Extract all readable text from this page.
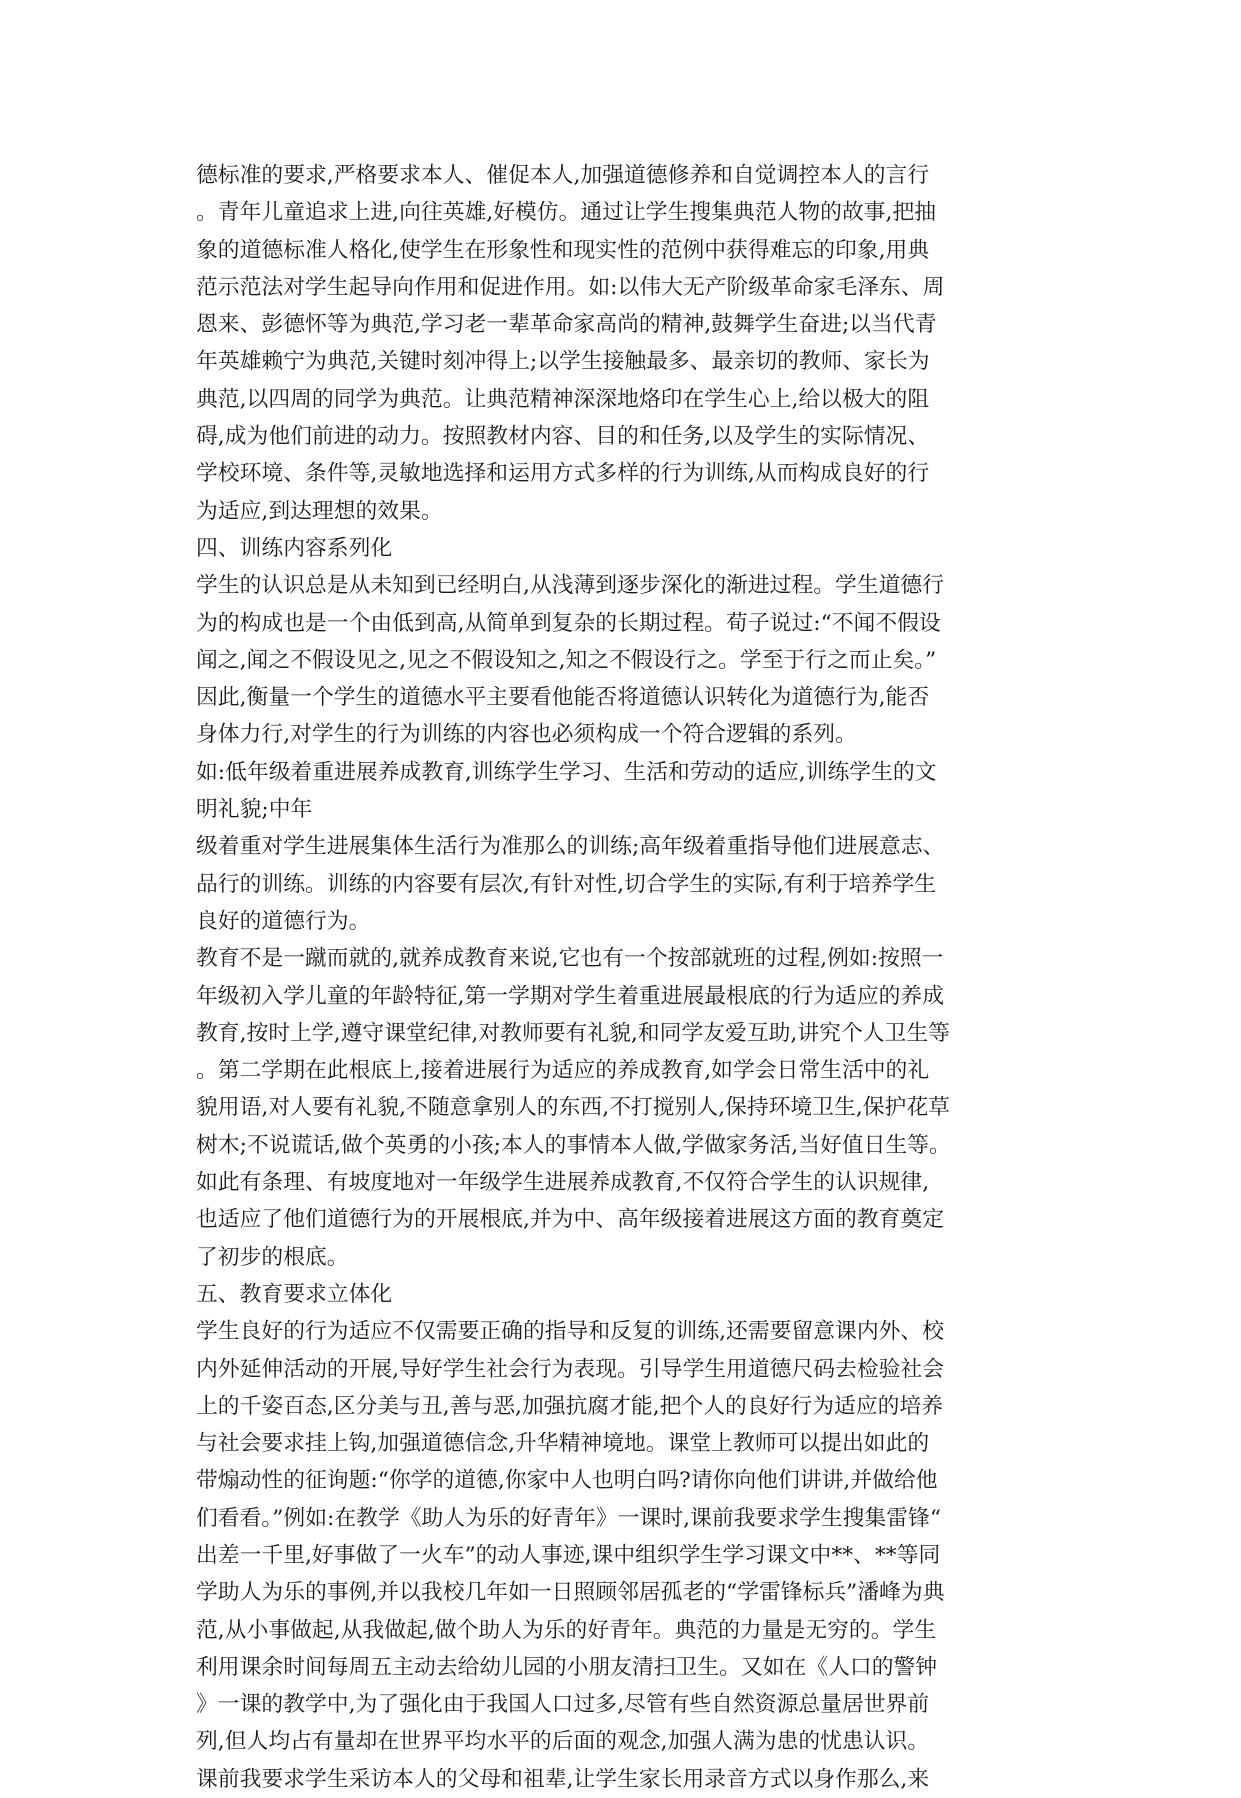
德标准的要求,严格要求本人、催促本人,加强道德修养和自觉调控本人的言行
。青年儿童追求上进,向往英雄,好模仿。通过让学生搜集典范人物的故事,把抽
象的道德标准人格化,使学生在形象性和现实性的范例中获得难忘的印象,用典
范示范法对学生起导向作用和促进作用。如:以伟大无产阶级革命家毛泽东、周
恩来、彭德怀等为典范,学习老一辈革命家高尚的精神,鼓舞学生奋进;以当代青
年英雄赖宁为典范,关键时刻冲得上;以学生接触最多、最亲切的教师、家长为
典范,以四周的同学为典范。让典范精神深深地烙印在学生心上,给以极大的阻
碍,成为他们前进的动力。按照教材内容、目的和任务,以及学生的实际情况、
学校环境、条件等,灵敏地选择和运用方式多样的行为训练,从而构成良好的行
为适应,到达理想的效果。
四、训练内容系列化
学生的认识总是从未知到已经明白,从浅薄到逐步深化的渐进过程。学生道德行
为的构成也是一个由低到高,从简单到复杂的长期过程。荀子说过:“不闻不假设
闻之,闻之不假设见之,见之不假设知之,知之不假设行之。学至于行之而止矣。”
因此,衡量一个学生的道德水平主要看他能否将道德认识转化为道德行为,能否
身体力行,对学生的行为训练的内容也必须构成一个符合逻辑的系列。
如:低年级着重进展养成教育,训练学生学习、生活和劳动的适应,训练学生的文
明礼貌;中年
级着重对学生进展集体生活行为准那么的训练;高年级着重指导他们进展意志、
品行的训练。训练的内容要有层次,有针对性,切合学生的实际,有利于培养学生
良好的道德行为。
教育不是一蹴而就的,就养成教育来说,它也有一个按部就班的过程,例如:按照一
年级初入学儿童的年龄特征,第一学期对学生着重进展最根底的行为适应的养成
教育,按时上学,遵守课堂纪律,对教师要有礼貌,和同学友爱互助,讲究个人卫生等
。第二学期在此根底上,接着进展行为适应的养成教育,如学会日常生活中的礼
貌用语,对人要有礼貌,不随意拿别人的东西,不打搅别人,保持环境卫生,保护花草
树木;不说谎话,做个英勇的小孩;本人的事情本人做,学做家务活,当好值日生等。
如此有条理、有坡度地对一年级学生进展养成教育,不仅符合学生的认识规律,
也适应了他们道德行为的开展根底,并为中、高年级接着进展这方面的教育奠定
了初步的根底。
五、教育要求立体化
学生良好的行为适应不仅需要正确的指导和反复的训练,还需要留意课内外、校
内外延伸活动的开展,导好学生社会行为表现。引导学生用道德尺码去检验社会
上的千姿百态,区分美与丑,善与恶,加强抗腐才能,把个人的良好行为适应的培养
与社会要求挂上钩,加强道德信念,升华精神境地。课堂上教师可以提出如此的
带煽动性的征询题:“你学的道德,你家中人也明白吗?请你向他们讲讲,并做给他
们看看。”例如:在教学《助人为乐的好青年》一课时,课前我要求学生搜集雷锋“
出差一千里,好事做了一火车”的动人事迹,课中组织学生学习课文中**、**等同
学助人为乐的事例,并以我校几年如一日照顾邻居孤老的“学雷锋标兵”潘峰为典
范,从小事做起,从我做起,做个助人为乐的好青年。典范的力量是无穷的。学生
利用课余时间每周五主动去给幼儿园的小朋友清扫卫生。又如在《人口的警钟
》一课的教学中,为了强化由于我国人口过多,尽管有些自然资源总量居世界前
列,但人均占有量却在世界平均水平的后面的观念,加强人满为患的忧患认识。
课前我要求学生采访本人的父母和祖辈,让学生家长用录音方式以身作那么,来
